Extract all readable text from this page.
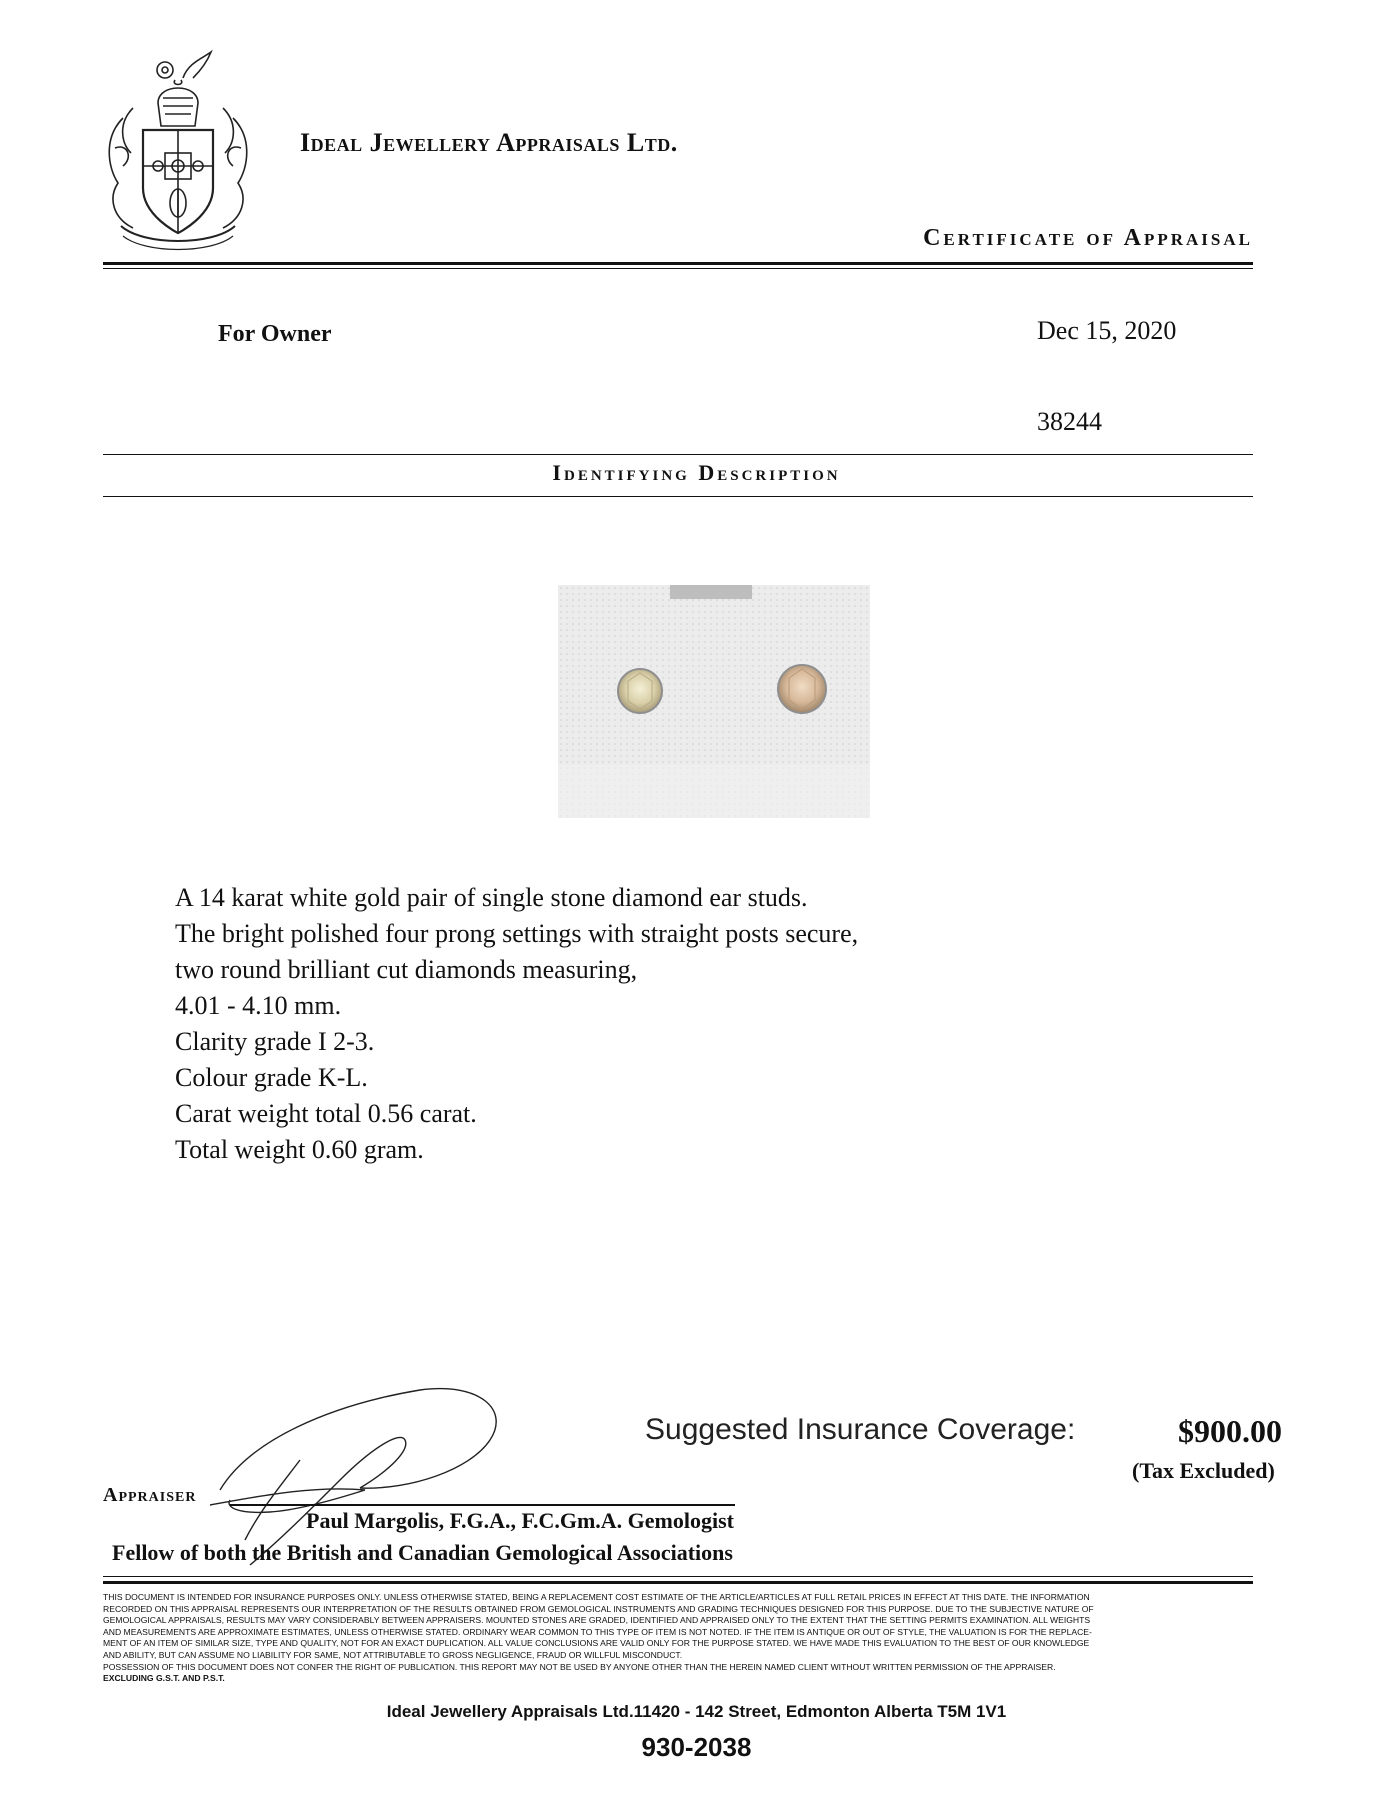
Ideal Jewellery Appraisals Ltd.
Certificate of Appraisal
For Owner	Dec 15, 2020
38244
Identifying Description
A 14 karat white gold pair of single stone diamond ear studs.
The bright polished four prong settings with straight posts secure,
two round brilliant cut diamonds measuring,
4.01 - 4.10 mm.
Clarity grade I 2-3.
Colour grade K-L.
Carat weight total 0.56 carat.
Total weight 0.60 gram.
Suggested Insurance Coverage:	$900.00
(Tax Excluded)
Appraiser
Paul Margolis, F.G.A., F.C.Gm.A. Gemologist
Fellow of both the British and Canadian Gemological Associations
THIS DOCUMENT IS INTENDED FOR INSURANCE PURPOSES ONLY. UNLESS OTHERWISE STATED, BEING A REPLACEMENT COST ESTIMATE OF THE ARTICLE/ARTICLES AT FULL RETAIL PRICES IN EFFECT AT THIS DATE. THE INFORMATION
RECORDED ON THIS APPRAISAL REPRESENTS OUR INTERPRETATION OF THE RESULTS OBTAINED FROM GEMOLOGICAL INSTRUMENTS AND GRADING TECHNIQUES DESIGNED FOR THIS PURPOSE. DUE TO THE SUBJECTIVE NATURE OF
GEMOLOGICAL APPRAISALS, RESULTS MAY VARY CONSIDERABLY BETWEEN APPRAISERS. MOUNTED STONES ARE GRADED, IDENTIFIED AND APPRAISED ONLY TO THE EXTENT THAT THE SETTING PERMITS EXAMINATION. ALL WEIGHTS
AND MEASUREMENTS ARE APPROXIMATE ESTIMATES, UNLESS OTHERWISE STATED. ORDINARY WEAR COMMON TO THIS TYPE OF ITEM IS NOT NOTED. IF THE ITEM IS ANTIQUE OR OUT OF STYLE, THE VALUATION IS FOR THE REPLACE-
MENT OF AN ITEM OF SIMILAR SIZE, TYPE AND QUALITY, NOT FOR AN EXACT DUPLICATION. ALL VALUE CONCLUSIONS ARE VALID ONLY FOR THE PURPOSE STATED. WE HAVE MADE THIS EVALUATION TO THE BEST OF OUR KNOWLEDGE
AND ABILITY, BUT CAN ASSUME NO LIABILITY FOR SAME, NOT ATTRIBUTABLE TO GROSS NEGLIGENCE, FRAUD OR WILLFUL MISCONDUCT.
POSSESSION OF THIS DOCUMENT DOES NOT CONFER THE RIGHT OF PUBLICATION. THIS REPORT MAY NOT BE USED BY ANYONE OTHER THAN THE HEREIN NAMED CLIENT WITHOUT WRITTEN PERMISSION OF THE APPRAISER.
EXCLUDING G.S.T. AND P.S.T.
Ideal Jewellery Appraisals Ltd.11420 - 142 Street, Edmonton Alberta T5M 1V1
930-2038
